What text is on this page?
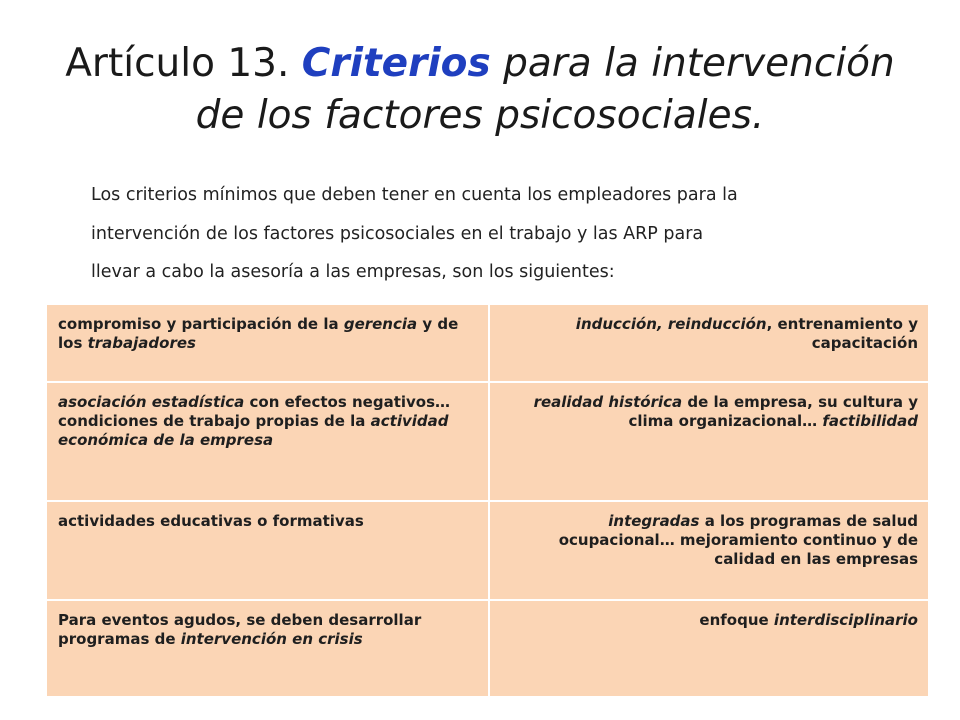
Artículo 13. Criterios para la intervención
de los factores psicosociales.
Los criterios mínimos que deben tener en cuenta los empleadores para la
intervención de los factores psicosociales en el trabajo y las ARP para
llevar a cabo la asesoría a las empresas, son los siguientes:
compromiso y participación de la gerencia y de los trabajadores	inducción, reinducción, entrenamiento y capacitación
asociación estadística con efectos negativos… condiciones de trabajo propias de la actividad económica de la empresa	realidad histórica de la empresa, su cultura y clima organizacional… factibilidad
actividades educativas o formativas	integradas a los programas de salud ocupacional… mejoramiento continuo y de calidad en las empresas
Para eventos agudos, se deben desarrollar programas de intervención en crisis	enfoque interdisciplinario
